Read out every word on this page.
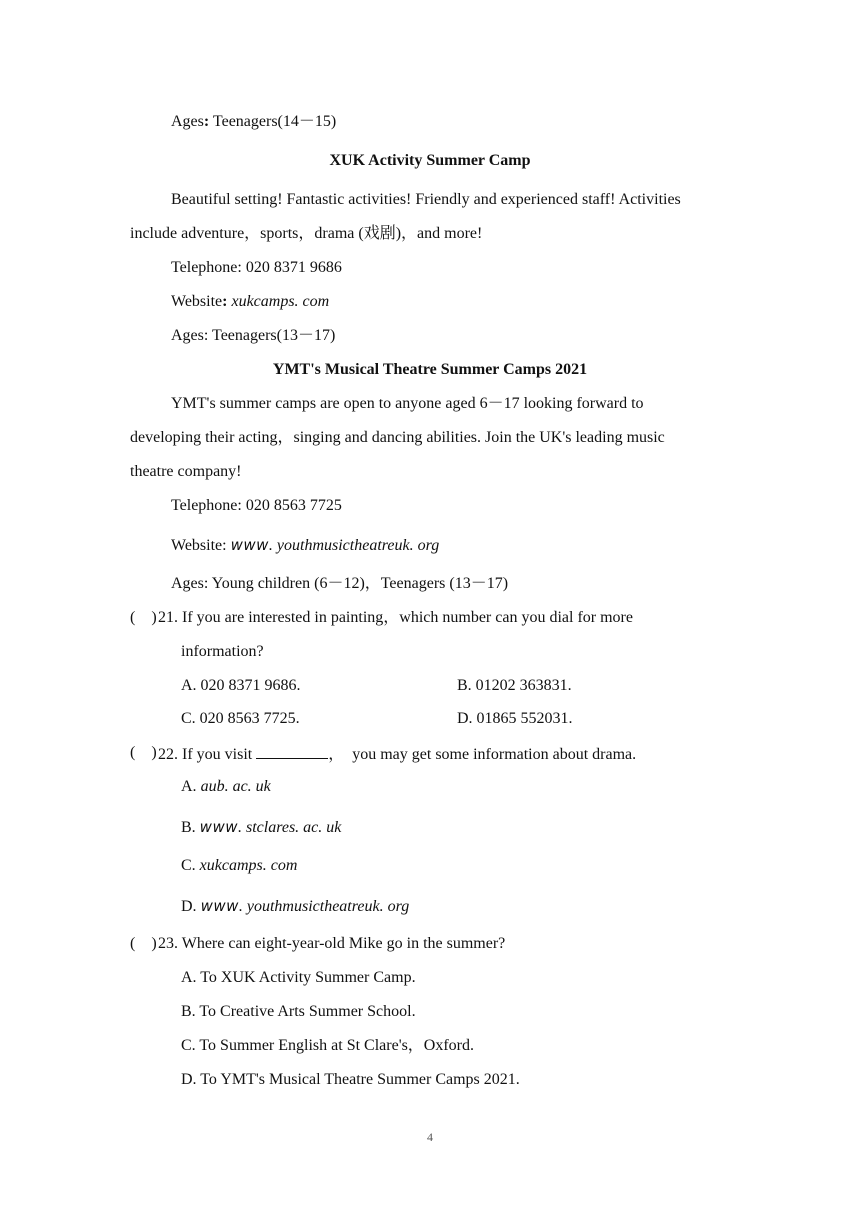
Ages: Teenagers(14－15)
XUK Activity Summer Camp
Beautiful setting! Fantastic activities! Friendly and experienced staff! Activities
include adventure，sports，drama (戏剧)，and more!
Telephone: 020 8371 9686
Website: xukcamps. com
Ages: Teenagers(13－17)
YMT's Musical Theatre Summer Camps 2021
YMT's summer camps are open to anyone aged 6－17 looking forward to
developing their acting，singing and dancing abilities. Join the UK's leading music
theatre company!
Telephone: 020 8563 7725
Website: www. youthmusictheatreuk. org
Ages: Young children (6－12)，Teenagers (13－17)
(　) 21. If you are interested in painting，which number can you dial for more
information?
A. 020 8371 9686.	B. 01202 363831.
C. 020 8563 7725.	D. 01865 552031.
(　) 22. If you visit	，　you may get some information about drama.
A. aub. ac. uk
B. www. stclares. ac. uk
C. xukcamps. com
D. www. youthmusictheatreuk. org
(　) 23. Where can eight-year-old Mike go in the summer?
A. To XUK Activity Summer Camp.
B. To Creative Arts Summer School.
C. To Summer English at St Clare's，Oxford.
D. To YMT's Musical Theatre Summer Camps 2021.
4
